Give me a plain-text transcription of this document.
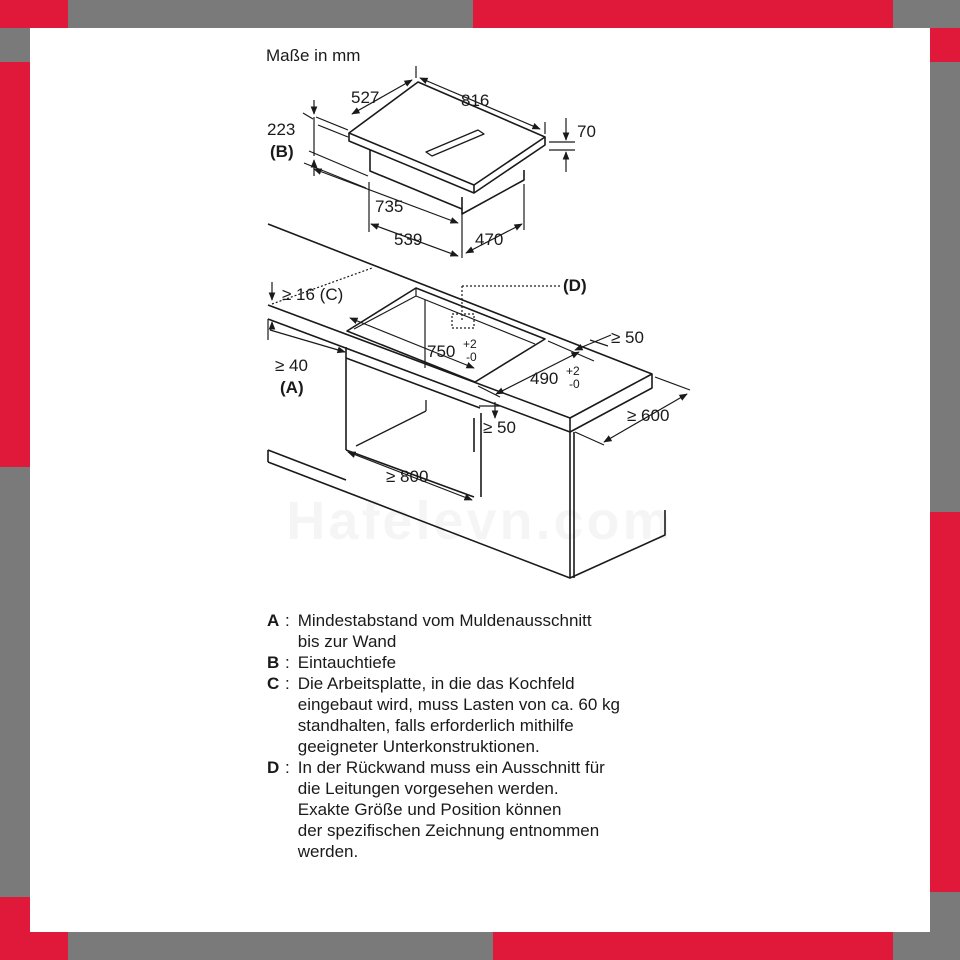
Maße in mm
527	816
223
(B)
70
735
539	470
(D)
≥ 16 (C)
≥ 40
(A)
750 +2
-0
490 +2
-0
≥ 50
≥ 50
≥ 600
≥ 800
A : Mindestabstand vom Muldenausschnitt
bis zur Wand
B : Eintauchtiefe
C : Die Arbeitsplatte, in die das Kochfeld
eingebaut wird, muss Lasten von ca. 60 kg
standhalten, falls erforderlich mithilfe
geeigneter Unterkonstruktionen.
D : In der Rückwand muss ein Ausschnitt für
die Leitungen vorgesehen werden.
Exakte Größe und Position können
der spezifischen Zeichnung entnommen
werden.
